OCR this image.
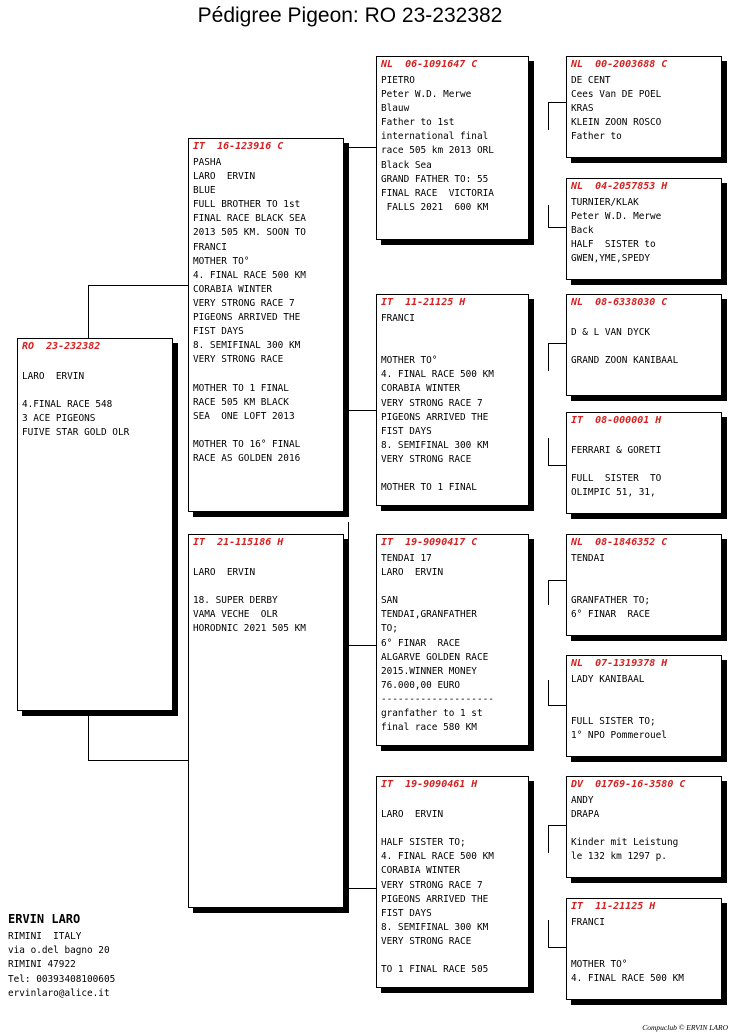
Pédigree Pigeon: RO 23-232382
RO  23-232382

LARO  ERVIN

4.FINAL RACE 548
3 ACE PIGEONS
FUIVE STAR GOLD OLR
IT  16-123916 C
PASHA
LARO  ERVIN
BLUE
FULL BROTHER TO 1st
FINAL RACE BLACK SEA
2013 505 KM. SOON TO
FRANCI
MOTHER TO°
4. FINAL RACE 500 KM
CORABIA WINTER
VERY STRONG RACE 7
PIGEONS ARRIVED THE
FIST DAYS
8. SEMIFINAL 300 KM
VERY STRONG RACE

MOTHER TO 1 FINAL
RACE 505 KM BLACK
SEA  ONE LOFT 2013

MOTHER TO 16° FINAL
RACE AS GOLDEN 2016
IT  21-115186 H

LARO  ERVIN

18. SUPER DERBY
VAMA VECHE  OLR
HORODNIC 2021 505 KM
NL  06-1091647 C
PIETRO
Peter W.D. Merwe
Blauw
Father to 1st
international final
race 505 km 2013 ORL
Black Sea
GRAND FATHER TO: 55
FINAL RACE  VICTORIA
FALLS 2021  600 KM
IT  11-21125 H
FRANCI

MOTHER TO°
4. FINAL RACE 500 KM
CORABIA WINTER
VERY STRONG RACE 7
PIGEONS ARRIVED THE
FIST DAYS
8. SEMIFINAL 300 KM
VERY STRONG RACE

MOTHER TO 1 FINAL
IT  19-9090417 C
TENDAI 17
LARO  ERVIN

SAN
TENDAI,GRANFATHER
TO;
6° FINAR  RACE
ALGARVE GOLDEN RACE
2015.WINNER MONEY
76.000,00 EURO
--------------------
granfather to 1 st
final race 580 KM
IT  19-9090461 H

LARO  ERVIN

HALF SISTER TO;
4. FINAL RACE 500 KM
CORABIA WINTER
VERY STRONG RACE 7
PIGEONS ARRIVED THE
FIST DAYS
8. SEMIFINAL 300 KM
VERY STRONG RACE

TO 1 FINAL RACE 505
NL  00-2003688 C
DE CENT
Cees Van DE POEL
KRAS
KLEIN ZOON ROSCO
Father to
NL  04-2057853 H
TURNIER/KLAK
Peter W.D. Merwe
Back
HALF  SISTER to
GWEN,YME,SPEDY
NL  08-6338030 C

D & L VAN DYCK

GRAND ZOON KANIBAAL
IT  08-000001 H

FERRARI & GORETI

FULL  SISTER  TO
OLIMPIC 51, 31,
NL  08-1846352 C
TENDAI

GRANFATHER TO;
6° FINAR  RACE
NL  07-1319378 H
LADY KANIBAAL

FULL SISTER TO;
1° NPO Pommerouel
DV  01769-16-3580 C
ANDY
DRAPA

Kinder mit Leistung
le 132 km 1297 p.
IT  11-21125 H
FRANCI

MOTHER TO°
4. FINAL RACE 500 KM
ERVIN LARO
RIMINI  ITALY
via o.del bagno 20
RIMINI 47922
Tel: 00393408100605
ervinlaro@alice.it
Compuclub © ERVIN LARO
